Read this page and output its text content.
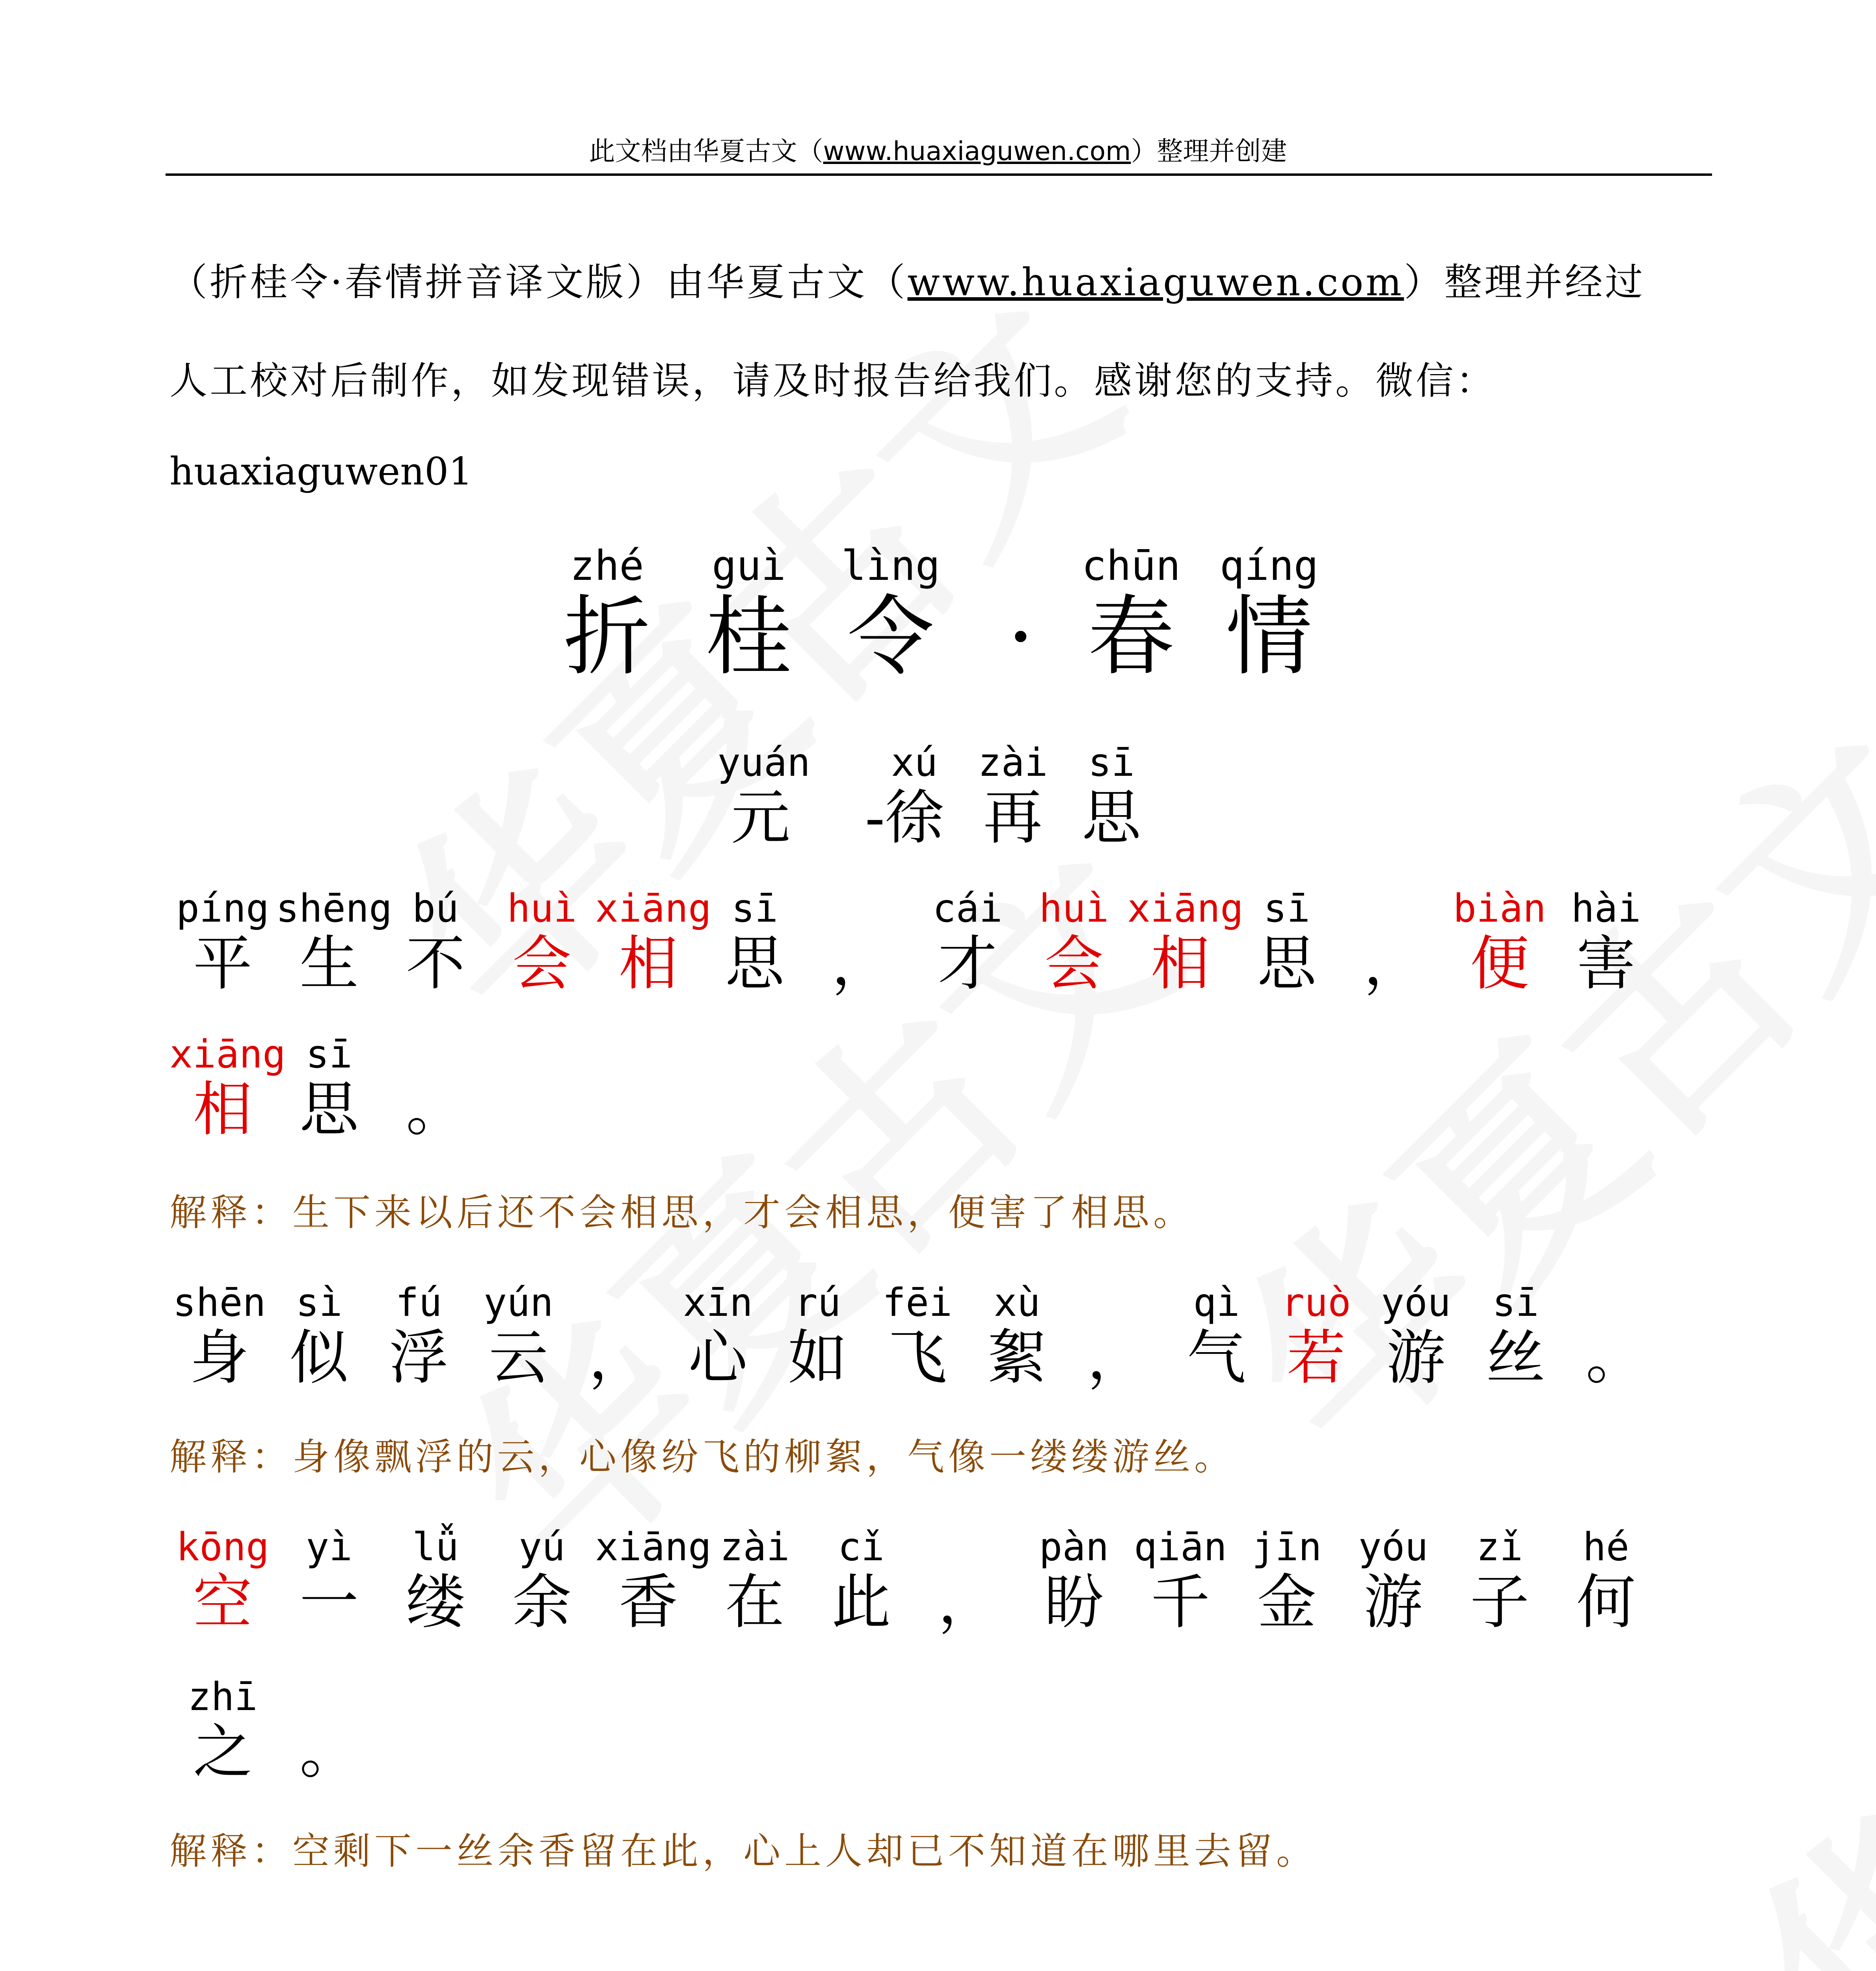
此文档由华夏古文（www.huaxiaguwen.com）整理并创建
（折桂令·春情拼音译文版）由华夏古文（www.huaxiaguwen.com）整理并经过
人工校对后制作，如发现错误，请及时报告给我们。感谢您的支持。微信：
huaxiaguwen01
zhé
折
guì
桂
lìng
令 ·
chūn
春
qíng
情
yuán
元	-
xú
徐
zài
再
sī
思
píng
平
shēng
生
bú
不
huì
会
xiāng
相
sī
思 ，
cái
才
huì
会
xiāng
相
sī
思 ，
biàn
便
hài
害
xiāng
相
sī
思 。
解释：生下来以后还不会相思，才会相思，便害了相思。
shēn
身
sì
似
fú
浮
yún
云 ，
xīn
心
rú
如
fēi
飞
xù
絮 ，
qì
气
ruò
若
yóu
游
sī
丝 。
解释：身像飘浮的云，心像纷飞的柳絮，气像一缕缕游丝。
kōng
空
yì
一
lǚ
缕
yú
余
xiāng
香
zài
在
cǐ
此 ，
pàn
盼
qiān
千
jīn
金
yóu
游
zǐ
子
hé
何
zhī
之 。
解释：空剩下一丝余香留在此，心上人却已不知道在哪里去留。
